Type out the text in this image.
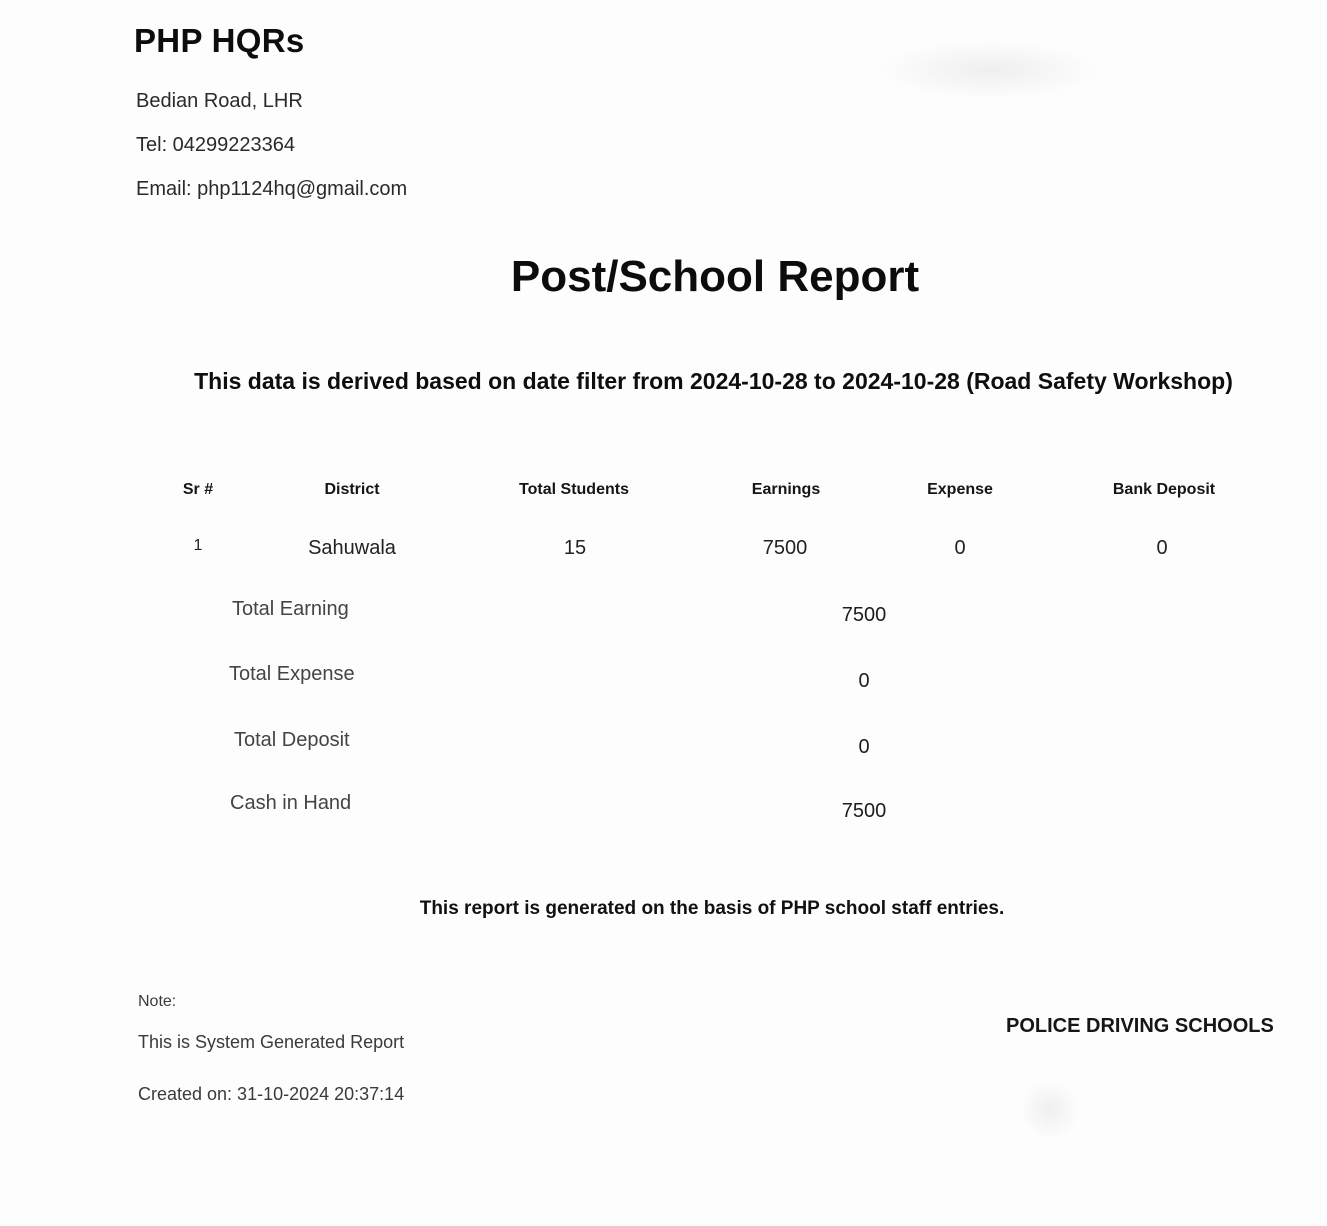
PHP HQRs
Bedian Road, LHR
Tel: 04299223364
Email: php1124hq@gmail.com
Post/School Report
This data is derived based on date filter from 2024-10-28 to 2024-10-28 (Road Safety Workshop)
Sr #	District	Total Students	Earnings	Expense	Bank Deposit
1	Sahuwala	15	7500	0	0
Total Earning	7500
Total Expense	0
Total Deposit	0
Cash in Hand	7500
This report is generated on the basis of PHP school staff entries.
Note:
This is System Generated Report
Created on: 31-10-2024 20:37:14
POLICE DRIVING SCHOOLS
